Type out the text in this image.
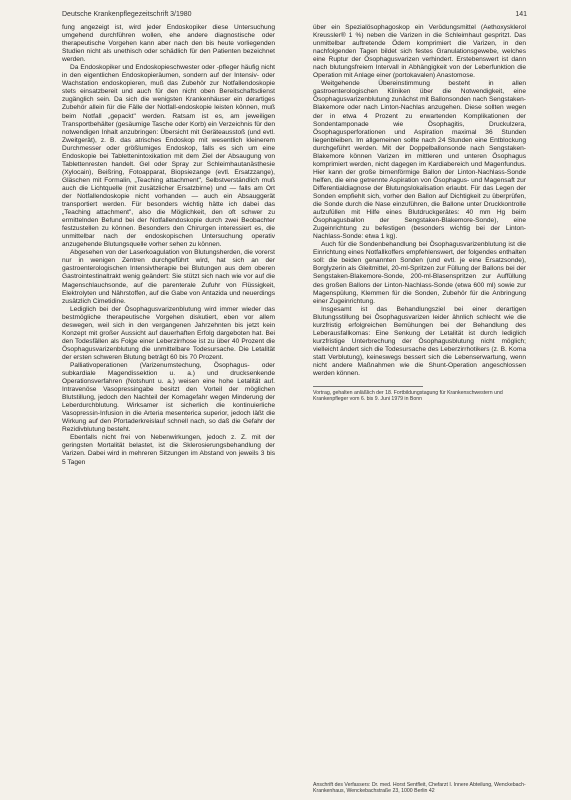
Deutsche Krankenpflegezeitschrift 3/1980	141

fung angezeigt ist, wird jeder Endoskopiker diese Untersuchung umgehend durchführen wollen, ehe andere diagnostische oder therapeutische Vorgehen kann aber nach den bis heute vorliegenden Studien nicht als unethisch oder schädlich für den Patienten bezeichnet werden.

Da Endoskopiker und Endoskopieschwester oder -pfleger häufig nicht in den eigentlichen Endoskopieräumen, sondern auf der Intensiv- oder Wachstation endoskopieren, muß das Zubehör zur Notfallendoskopie stets einsatzbereit und auch für den nicht oben Bereitschaftsdienst zugänglich sein. Da sich die wenigsten Krankenhäuser ein derartiges Zubehör allein für die Fälle der Notfall-endoskopie leisten können, muß beim Notfall „gepackt" werden. Ratsam ist es, am jeweiligen Transportbehälter (gesäumige Tasche oder Korb) ein Verzeichnis für den notwendigen Inhalt anzubringen: Übersicht mit Geräteausstoß (und evtl. Zweitgerät), z. B. das atrisches Endoskop mit wesentlich kleinerem Durchmesser oder größlumiges Endoskop, falls es sich um eine Endoskopie bei Tablettenintoxikation mit dem Ziel der Absaugung von Tablettenresten handelt. Gel oder Spray zur Schleimhautanästhesie (Xylocain), Beißring, Fotoapparat, Biopsiezange (evtl. Ersatzzange), Gläschen mit Formalin, „Teaching attachment", Selbstverständlich muß auch die Lichtquelle (mit zusätzlicher Ersatzbirne) und — falls am Ort der Notfallendoskopie nicht vorhanden — auch ein Absauggerät transportiert werden. Für besonders wichtig hätte ich dabei das „Teaching attachment", also die Möglichkeit, den oft schwer zu ermittelnden Befund bei der Notfallendoskopie durch zwei Beobachter festzustellen zu können. Besonders den Chirurgen interessiert es, die unmittelbar nach der endoskopischen Untersuchung operativ anzugehende Blutungsquelle vorher sehen zu können.

Abgesehen von der Laserkoagulation von Blutungsherden, die vorerst nur in wenigen Zentren durchgeführt wird, hat sich an der gastroenterologischen Intensivtherapie bei Blutungen aus dem oberen Gastrointestinaltrakt wenig geändert: Sie stützt sich nach wie vor auf die Magenschlauchsonde, auf die parenterale Zufuhr von Flüssigkeit, Elektrolyten und Nährstoffen, auf die Gabe von Antazida und neuerdings zusätzlich Cimetidine.

Lediglich bei der Ösophagusvarizenblutung wird immer wieder das bestmögliche therapeutische Vorgehen diskutiert, eben vor allem deswegen, weil sich in den vergangenen Jahrzehnten bis jetzt kein Konzept mit großer Aussicht auf dauerhaften Erfolg dargeboten hat. Bei den Todesfällen als Folge einer Leberzirrhose ist zu über 40 Prozent die Ösophagusvarizenblutung die unmittelbare Todesursache. Die Letalität der ersten schweren Blutung beträgt 60 bis 70 Prozent.

Palliativoperationen (Varizenumstechung, Ösophagus- oder subkardiale Magendissektion u. a.) und drucksenkende Operationsverfahren (Notshunt u. a.) weisen eine hohe Letalität auf. Intravenöse Vasopressingabe besitzt den Vorteil der möglichen Blutstillung, jedoch den Nachteil der Komagefahr wegen Minderung der Leberdurchblutung. Wirksamer ist sicherlich die kontinuierliche Vasopressin-Infusion in die Arteria mesenterica superior, jedoch läßt die Wirkung auf den Pfortaderkreislauf schnell nach, so daß die Gefahr der Rezidivblutung besteht.

Ebenfalls nicht frei von Nebenwirkungen, jedoch z. Z. mit der geringsten Mortalität belastet, ist die Sklerosierungsbehandlung der Varizen. Dabei wird in mehreren Sitzungen im Abstand von jeweils 3 bis 5 Tagen

über ein Spezialösophagoskop ein Verödungsmittel (Aethoxysklerol Kreussler® 1 %) neben die Varizen in die Schleimhaut gespritzt. Das unmittelbar auftretende Ödem komprimiert die Varizen, in den nachfolgenden Tagen bildet sich festes Granulationsgewebe, welches eine Ruptur der Ösophagusvarizen verhindert. Erstebenswert ist dann nach blutungsfreiem Intervall in Abhängigkeit von der Leberfunktion die Operation mit Anlage einer (portokavalen) Anastomose.

Weitgehende Übereinstimmung besteht in allen gastroenterologischen Kliniken über die Notwendigkeit, eine Ösophagusvarizenblutung zunächst mit Ballonsonden nach Sengstaken-Blakemore oder nach Linton-Nachlas anzugehen. Diese sollten wegen der in etwa 4 Prozent zu erwartenden Komplikationen der Sondentamponade wie Ösophagitis, Druckulzera, Ösophagusperforationen und Aspiration maximal 36 Stunden liegenbleiben. Im allgemeinen sollte nach 24 Stunden eine Entblockung durchgeführt werden. Mit der Doppelballonsonde nach Sengstaken-Blakemore können Varizen im mittleren und unteren Ösophagus komprimiert werden, nicht dagegen im Kardiabereich und Magenfundus. Hier kann der große birnenförmige Ballon der Linton-Nachlass-Sonde helfen, die eine getrennte Aspiration von Ösophagus- und Magensaft zur Differentialdiagnose der Blutungslokalisation erlaubt. Für das Legen der Sonden empfiehlt sich, vorher den Ballon auf Dichtigkeit zu überprüfen, die Sonde durch die Nase einzuführen, die Ballone unter Druckkontrolle aufzufüllen mit Hilfe eines Blutdruckgerätes: 40 mm Hg beim Ösophagusballon der Sengstaken-Blakemore-Sonde), eine Zugeinrichtung zu befestigen (besonders wichtig bei der Linton-Nachlass-Sonde: etwa 1 kg).

Auch für die Sondenbehandlung bei Ösophagusvarizenblutung ist die Einrichtung eines Notfallkoffers empfehlenswert, der folgendes enthalten soll: die beiden genannten Sonden (und evtl. je eine Ersatzsonde), Borglyzerin als Gleitmittel, 20-ml-Spritzen zur Füllung der Ballons bei der Sengstaken-Blakemore-Sonde, 200-ml-Blasenspritzen zur Auffüllung des großen Ballons der Linton-Nachlass-Sonde (etwa 600 ml) sowie zur Magenspülung, Klemmen für die Sonden, Zubehör für die Anbringung einer Zugeinrichtung.

Insgesamt ist das Behandlungsziel bei einer derartigen Blutungsstillung bei Ösophagusvarizen leider ähnlich schlecht wie die kurzfristig erfolgreichen Bemühungen bei der Behandlung des Leberausfallkomas: Eine Senkung der Letalität ist durch lediglich kurzfristige Unterbrechung der Ösophagusblutung nicht möglich; vielleicht ändert sich die Todesursache des Leberzirrhotikers (z. B. Koma statt Verblutung), keineswegs bessert sich die Lebenserwartung, wenn nicht andere Maßnahmen wie die Shunt-Operation angeschlossen werden können.

Vortrag, gehalten anläßlich der 18. Fortbildungstagung für Krankenschwestern und Krankenpfleger vom 6. bis 9. Juni 1979 in Bonn
Anschrift des Verfassers: Dr. med. Horst Sentfleit, Chefarzt I. Innere Abteilung, Wenckebach-Krankenhaus, Wenckebachstraße 23, 1000 Berlin 42
